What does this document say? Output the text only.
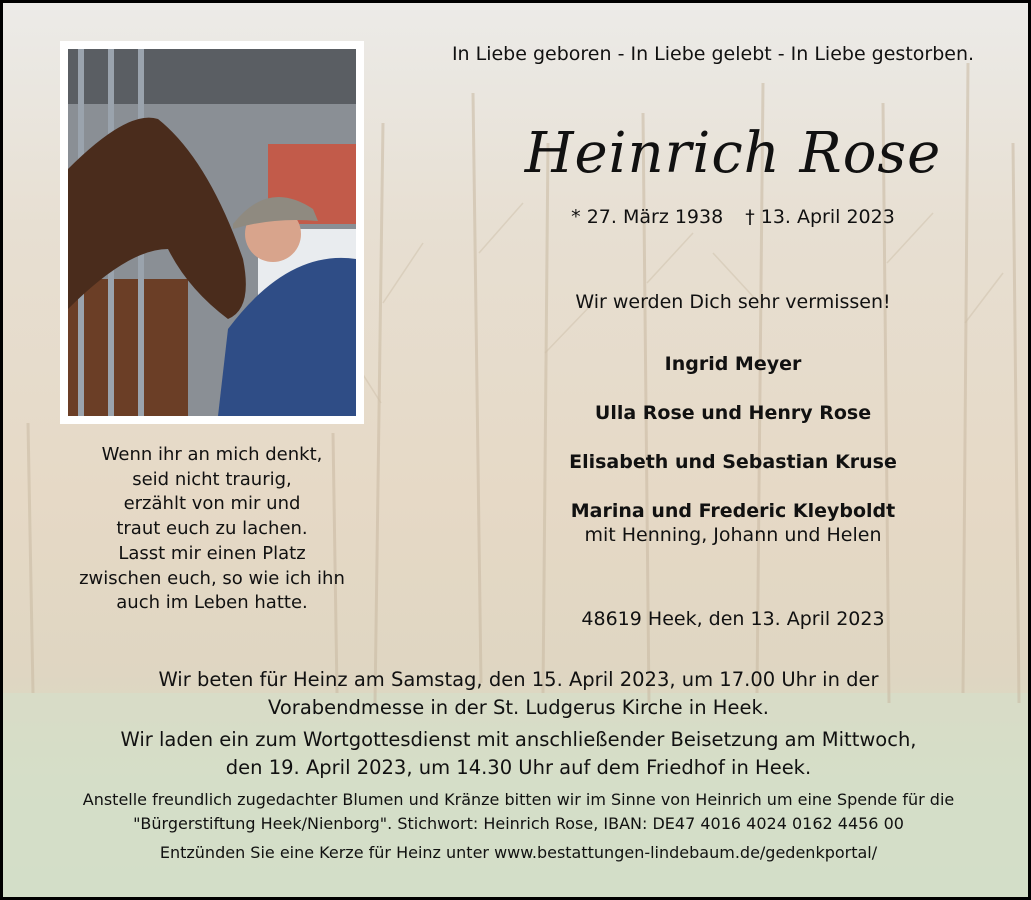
In Liebe geboren - In Liebe gelebt - In Liebe gestorben.
Heinrich Rose
* 27. März 1938 † 13. April 2023
Wir werden Dich sehr vermissen!
Ingrid Meyer
Ulla Rose und Henry Rose
Elisabeth und Sebastian Kruse
Marina und Frederic Kleyboldt
mit Henning, Johann und Helen
Wenn ihr an mich denkt,
seid nicht traurig,
erzählt von mir und
traut euch zu lachen.
Lasst mir einen Platz
zwischen euch, so wie ich ihn
auch im Leben hatte.
48619 Heek, den 13. April 2023

Wir beten für Heinz am Samstag, den 15. April 2023, um 17.00 Uhr in der
Vorabendmesse in der St. Ludgerus Kirche in Heek.

Wir laden ein zum Wortgottesdienst mit anschließender Beisetzung am Mittwoch,
den 19. April 2023, um 14.30 Uhr auf dem Friedhof in Heek.

Anstelle freundlich zugedachter Blumen und Kränze bitten wir im Sinne von Heinrich um eine Spende für die
"Bürgerstiftung Heek/Nienborg". Stichwort: Heinrich Rose, IBAN: DE47 4016 4024 0162 4456 00
Entzünden Sie eine Kerze für Heinz unter www.bestattungen-lindebaum.de/gedenkportal/
